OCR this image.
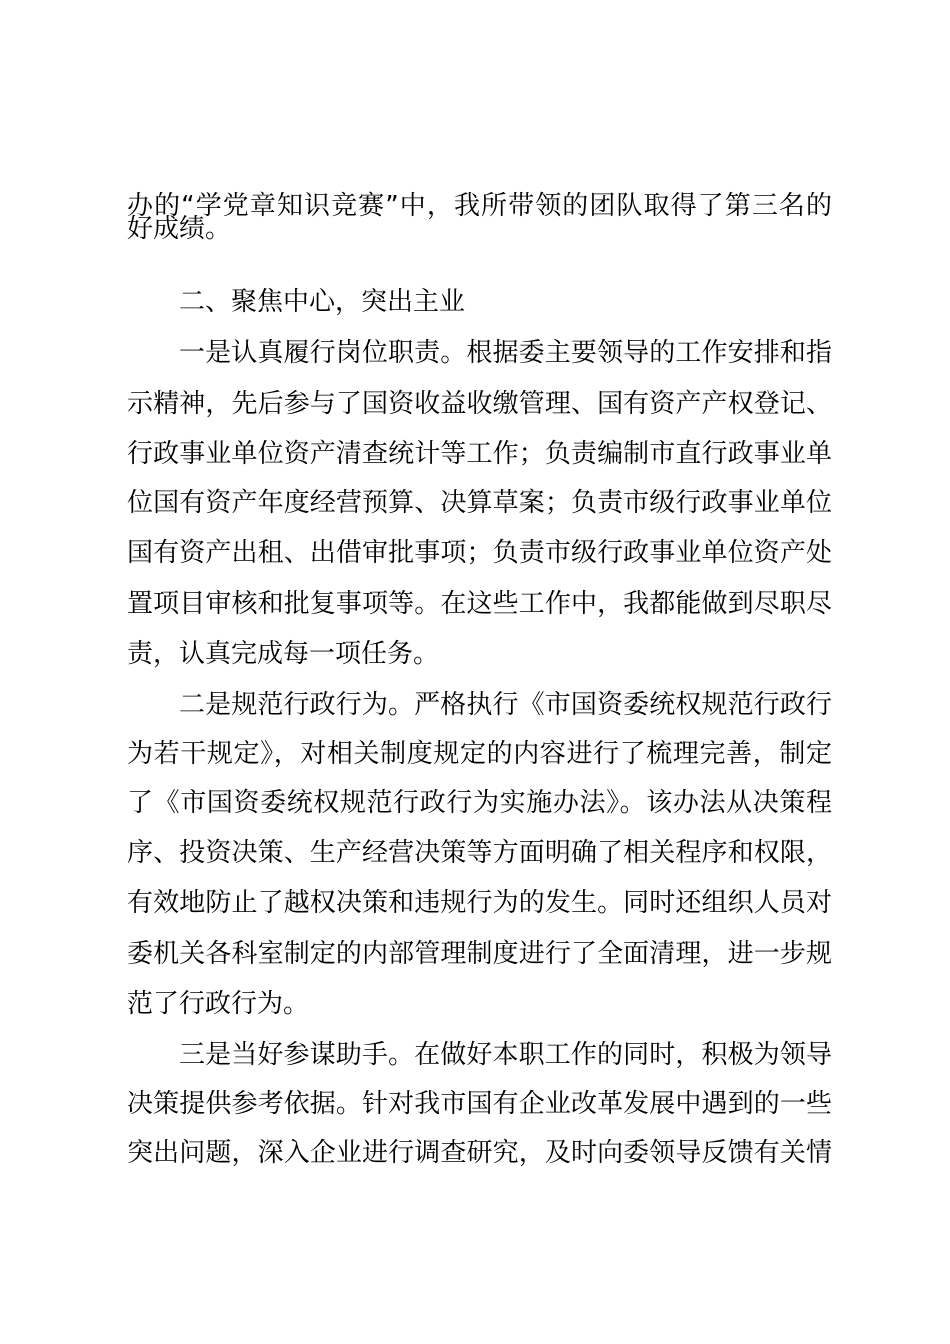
办的“学党章知识竞赛”中，我所带领的团队取得了第三名的
好成绩。
二、聚焦中心，突出主业
一是认真履行岗位职责。根据委主要领导的工作安排和指
示精神，先后参与了国资收益收缴管理、国有资产产权登记、
行政事业单位资产清查统计等工作；负责编制市直行政事业单
位国有资产年度经营预算、决算草案；负责市级行政事业单位
国有资产出租、出借审批事项；负责市级行政事业单位资产处
置项目审核和批复事项等。在这些工作中，我都能做到尽职尽
责，认真完成每一项任务。
二是规范行政行为。严格执行《市国资委统权规范行政行
为若干规定》，对相关制度规定的内容进行了梳理完善，制定
了《市国资委统权规范行政行为实施办法》。该办法从决策程
序、投资决策、生产经营决策等方面明确了相关程序和权限，
有效地防止了越权决策和违规行为的发生。同时还组织人员对
委机关各科室制定的内部管理制度进行了全面清理，进一步规
范了行政行为。
三是当好参谋助手。在做好本职工作的同时，积极为领导
决策提供参考依据。针对我市国有企业改革发展中遇到的一些
突出问题，深入企业进行调查研究，及时向委领导反馈有关情
